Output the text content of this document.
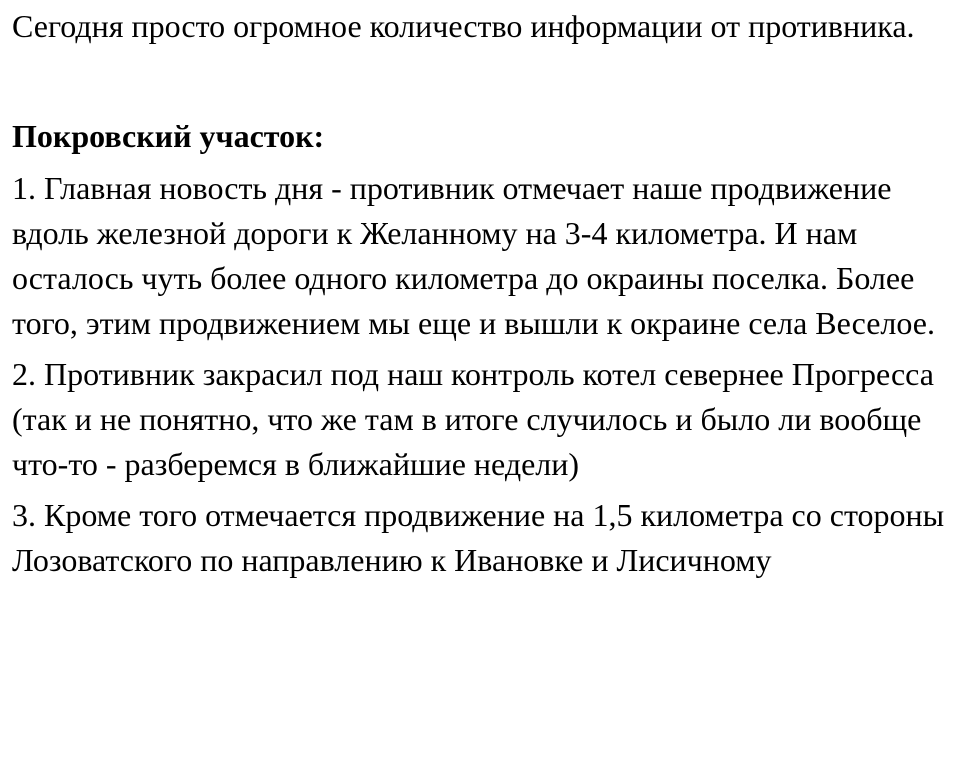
Сегодня просто огромное количество информации от противника.

Покровский участок:

1. Главная новость дня - противник отмечает наше продвижение вдоль железной дороги к Желанному на 3-4 километра. И нам осталось чуть более одного километра до окраины поселка. Более того, этим продвижением мы еще и вышли к окраине села Веселое.

2. Противник закрасил под наш контроль котел севернее Прогресса (так и не понятно, что же там в итоге случилось и было ли вообще что-то - разберемся в ближайшие недели)

3. Кроме того отмечается продвижение на 1,5 километра со стороны Лозоватского по направлению к Ивановке и Лисичному
